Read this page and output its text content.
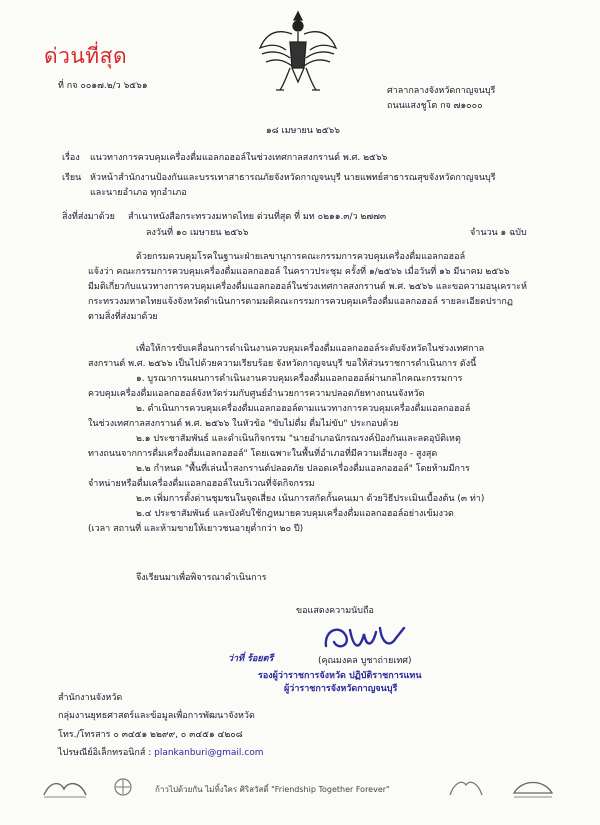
ด่วนที่สุด
ที่ กจ ๐๐๑๗.๒/ว ๖๕๖๑	ศาลากลางจังหวัดกาญจนบุรี
ถนนแสงชูโต กจ ๗๑๐๐๐
๑๘ เมษายน ๒๕๖๖
เรื่อง แนวทางการควบคุมเครื่องดื่มแอลกอฮอล์ในช่วงเทศกาลสงกรานต์ พ.ศ. ๒๕๖๖
เรียน หัวหน้าสำนักงานป้องกันและบรรเทาสาธารณภัยจังหวัดกาญจนบุรี นายแพทย์สาธารณสุขจังหวัดกาญจนบุรี
และนายอำเภอ ทุกอำเภอ
สิ่งที่ส่งมาด้วย สำเนาหนังสือกระทรวงมหาดไทย ด่วนที่สุด ที่ มท ๐๒๑๑.๓/ว ๒๗๗๓
ลงวันที่ ๑๐ เมษายน ๒๕๖๖	จำนวน ๑ ฉบับ

ด้วยกรมควบคุมโรคในฐานะฝ่ายเลขานุการคณะกรรมการควบคุมเครื่องดื่มแอลกอฮอล์

แจ้งว่า คณะกรรมการควบคุมเครื่องดื่มแอลกอฮอล์ ในคราวประชุม ครั้งที่ ๑/๒๕๖๖ เมื่อวันที่ ๑๖ มีนาคม ๒๕๖๖

มีมติเกี่ยวกับแนวทางการควบคุมเครื่องดื่มแอลกอฮอล์ในช่วงเทศกาลสงกรานต์ พ.ศ. ๒๕๖๖ และขอความอนุเคราะห์

กระทรวงมหาดไทยแจ้งจังหวัดดำเนินการตามมติคณะกรรมการควบคุมเครื่องดื่มแอลกอฮอล์ รายละเอียดปรากฏ

ตามสิ่งที่ส่งมาด้วย

เพื่อให้การขับเคลื่อนการดำเนินงานควบคุมเครื่องดื่มแอลกอฮอล์ระดับจังหวัดในช่วงเทศกาล

สงกรานต์ พ.ศ. ๒๕๖๖ เป็นไปด้วยความเรียบร้อย จังหวัดกาญจนบุรี ขอให้ส่วนราชการดำเนินการ ดังนี้

๑. บูรณาการแผนการดำเนินงานควบคุมเครื่องดื่มแอลกอฮอล์ผ่านกลไกคณะกรรมการ

ควบคุมเครื่องดื่มแอลกอฮอล์จังหวัดร่วมกับศูนย์อำนวยการความปลอดภัยทางถนนจังหวัด

๒. ดำเนินการควบคุมเครื่องดื่มแอลกอฮอล์ตามแนวทางการควบคุมเครื่องดื่มแอลกอฮอล์

ในช่วงเทศกาลสงกรานต์ พ.ศ. ๒๕๖๖ ในหัวข้อ "ขับไม่ดื่ม ดื่มไม่ขับ" ประกอบด้วย

๒.๑ ประชาสัมพันธ์ และดำเนินกิจกรรม "นายอำเภอนักรณรงค์ป้องกันและลดอุบัติเหตุ

ทางถนนจากการดื่มเครื่องดื่มแอลกอฮอล์" โดยเฉพาะในพื้นที่อำเภอที่มีความเสี่ยงสูง - สูงสุด

๒.๒ กำหนด "พื้นที่เล่นน้ำสงกรานต์ปลอดภัย ปลอดเครื่องดื่มแอลกอฮอล์" โดยห้ามมีการ

จำหน่ายหรือดื่มเครื่องดื่มแอลกอฮอล์ในบริเวณที่จัดกิจกรรม

๒.๓ เพิ่มการตั้งด่านชุมชนในจุดเสี่ยง เน้นการสกัดกั้นคนเมา ด้วยวิธีประเมินเบื้องต้น (๓ ท่า)

๒.๔ ประชาสัมพันธ์ และบังคับใช้กฎหมายควบคุมเครื่องดื่มแอลกอฮอล์อย่างเข้มงวด

(เวลา สถานที่ และห้ามขายให้เยาวชนอายุต่ำกว่า ๒๐ ปี)

จึงเรียนมาเพื่อพิจารณาดำเนินการ
ขอแสดงความนับถือ
ว่าที่ ร้อยตรี	(คุณมงคล บูชาถ่ายเทศ)
รองผู้ว่าราชการจังหวัด ปฏิบัติราชการแทน
ผู้ว่าราชการจังหวัดกาญจนบุรี
สำนักงานจังหวัด
กลุ่มงานยุทธศาสตร์และข้อมูลเพื่อการพัฒนาจังหวัด
โทร./โทรสาร ๐ ๓๔๕๑ ๒๒๙๙, ๐ ๓๔๕๑ ๔๒๐๘
ไปรษณีย์อิเล็กทรอนิกส์ : plankanburi@gmail.com
ก้าวไปด้วยกัน ไม่ทิ้งใคร ศิริสวัสดิ์ "Friendship Together Forever"
